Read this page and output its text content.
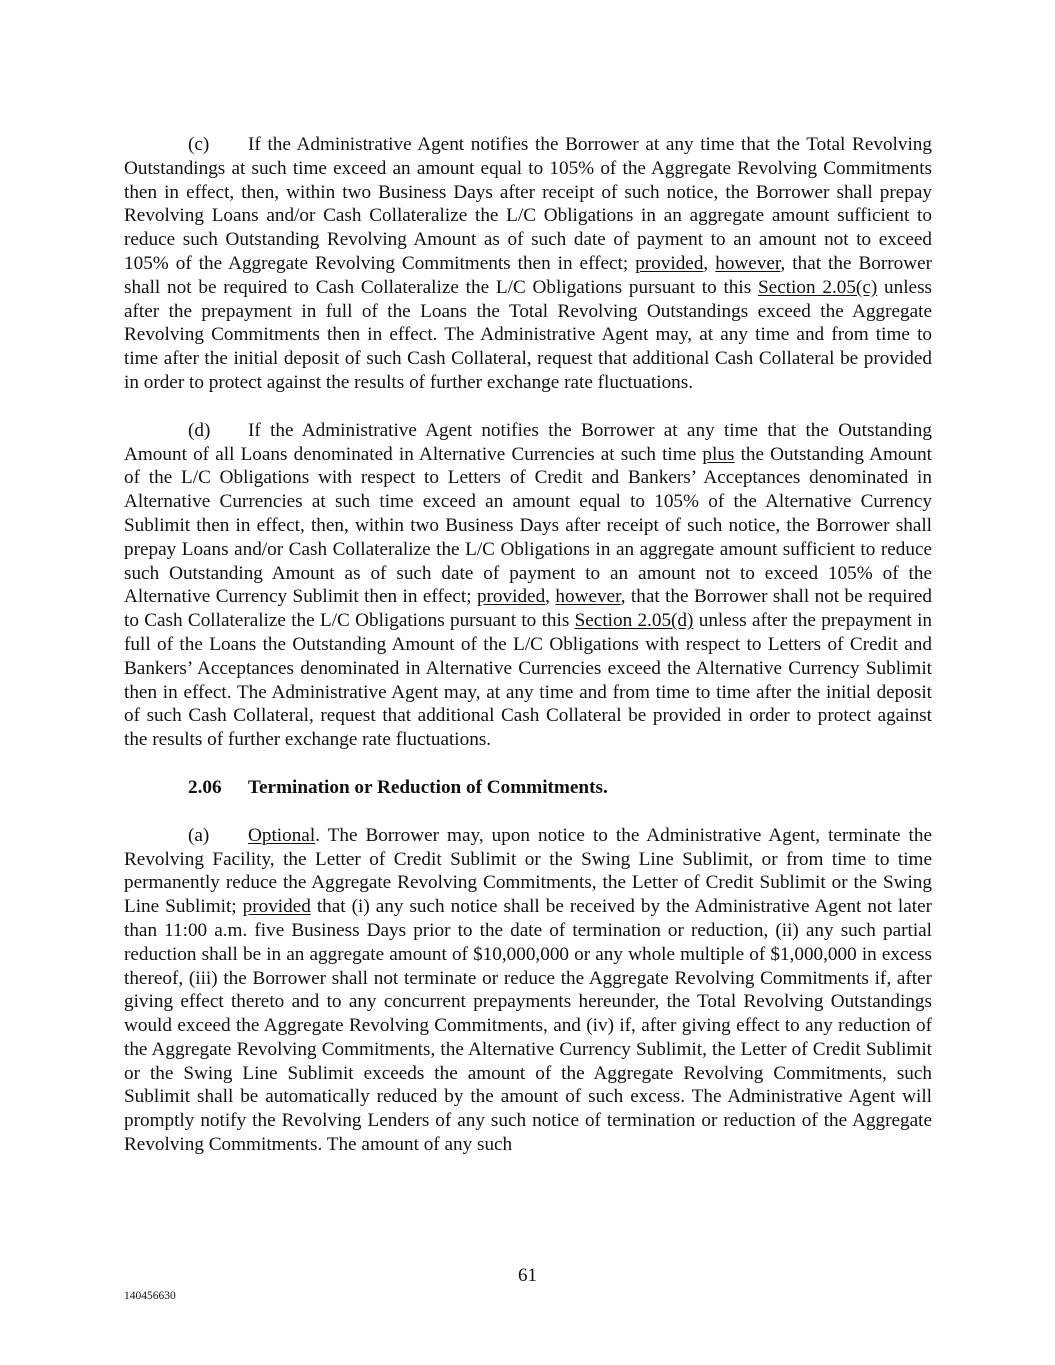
(c) If the Administrative Agent notifies the Borrower at any time that the Total Revolving Outstandings at such time exceed an amount equal to 105% of the Aggregate Revolving Commitments then in effect, then, within two Business Days after receipt of such notice, the Borrower shall prepay Revolving Loans and/or Cash Collateralize the L/C Obligations in an aggregate amount sufficient to reduce such Outstanding Revolving Amount as of such date of payment to an amount not to exceed 105% of the Aggregate Revolving Commitments then in effect; provided, however, that the Borrower shall not be required to Cash Collateralize the L/C Obligations pursuant to this Section 2.05(c) unless after the prepayment in full of the Loans the Total Revolving Outstandings exceed the Aggregate Revolving Commitments then in effect. The Administrative Agent may, at any time and from time to time after the initial deposit of such Cash Collateral, request that additional Cash Collateral be provided in order to protect against the results of further exchange rate fluctuations.

(d) If the Administrative Agent notifies the Borrower at any time that the Outstanding Amount of all Loans denominated in Alternative Currencies at such time plus the Outstanding Amount of the L/C Obligations with respect to Letters of Credit and Bankers’ Acceptances denominated in Alternative Currencies at such time exceed an amount equal to 105% of the Alternative Currency Sublimit then in effect, then, within two Business Days after receipt of such notice, the Borrower shall prepay Loans and/or Cash Collateralize the L/C Obligations in an aggregate amount sufficient to reduce such Outstanding Amount as of such date of payment to an amount not to exceed 105% of the Alternative Currency Sublimit then in effect; provided, however, that the Borrower shall not be required to Cash Collateralize the L/C Obligations pursuant to this Section 2.05(d) unless after the prepayment in full of the Loans the Outstanding Amount of the L/C Obligations with respect to Letters of Credit and Bankers’ Acceptances denominated in Alternative Currencies exceed the Alternative Currency Sublimit then in effect. The Administrative Agent may, at any time and from time to time after the initial deposit of such Cash Collateral, request that additional Cash Collateral be provided in order to protect against the results of further exchange rate fluctuations.

2.06 Termination or Reduction of Commitments.

(a) Optional. The Borrower may, upon notice to the Administrative Agent, terminate the Revolving Facility, the Letter of Credit Sublimit or the Swing Line Sublimit, or from time to time permanently reduce the Aggregate Revolving Commitments, the Letter of Credit Sublimit or the Swing Line Sublimit; provided that (i) any such notice shall be received by the Administrative Agent not later than 11:00 a.m. five Business Days prior to the date of termination or reduction, (ii) any such partial reduction shall be in an aggregate amount of $10,000,000 or any whole multiple of $1,000,000 in excess thereof, (iii) the Borrower shall not terminate or reduce the Aggregate Revolving Commitments if, after giving effect thereto and to any concurrent prepayments hereunder, the Total Revolving Outstandings would exceed the Aggregate Revolving Commitments, and (iv) if, after giving effect to any reduction of the Aggregate Revolving Commitments, the Alternative Currency Sublimit, the Letter of Credit Sublimit or the Swing Line Sublimit exceeds the amount of the Aggregate Revolving Commitments, such Sublimit shall be automatically reduced by the amount of such excess. The Administrative Agent will promptly notify the Revolving Lenders of any such notice of termination or reduction of the Aggregate Revolving Commitments. The amount of any such

61
140456630
